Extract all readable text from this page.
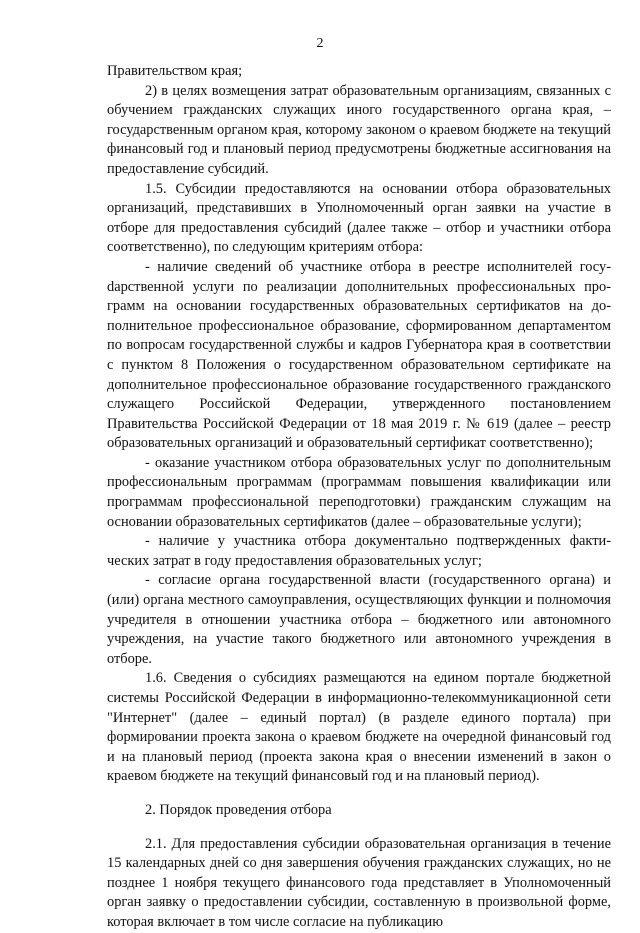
2

Правительством края;

2) в целях возмещения затрат образовательным организациям, связанных с обучением гражданских служащих иного государственного органа края, – государственным органом края, которому законом о краевом бюджете на текущий финансовый год и плановый период предусмотрены бюджетные ассигнования на предоставление субсидий.

1.5. Субсидии предоставляются на основании отбора образовательных организаций, представивших в Уполномоченный орган заявки на участие в отборе для предоставления субсидий (далее также – отбор и участники отбора соответственно), по следующим критериям отбора:

- наличие сведений об участнике отбора в реестре исполнителей госуdарственной услуги по реализации дополнительных профессиональных программ на основании государственных образовательных сертификатов на дополнительное профессиональное образование, сформированном департаментом по вопросам государственной службы и кадров Губернатора края в соответствии с пунктом 8 Положения о государственном образовательном сертификате на дополнительное профессиональное образование государственного гражданского служащего Российской Федерации, утвержденного постановлением Правительства Российской Федерации от 18 мая 2019 г. № 619 (далее – реестр образовательных организаций и образовательный сертификат соответственно);

- оказание участником отбора образовательных услуг по дополнительным профессиональным программам (программам повышения квалификации или программам профессиональной переподготовки) гражданским служащим на основании образовательных сертификатов (далее – образовательные услуги);

- наличие у участника отбора документально подтвержденных фактических затрат в году предоставления образовательных услуг;

- согласие органа государственной власти (государственного органа) и (или) органа местного самоуправления, осуществляющих функции и полномочия учредителя в отношении участника отбора – бюджетного или автономного учреждения, на участие такого бюджетного или автономного учреждения в отборе.

1.6. Сведения о субсидиях размещаются на едином портале бюджетной системы Российской Федерации в информационно-телекоммуникационной сети "Интернет" (далее – единый портал) (в разделе единого портала) при формировании проекта закона о краевом бюджете на очередной финансовый год и на плановый период (проекта закона края о внесении изменений в закон о краевом бюджете на текущий финансовый год и на плановый период).

2. Порядок проведения отбора

2.1. Для предоставления субсидии образовательная организация в течение 15 календарных дней со дня завершения обучения гражданских служащих, но не позднее 1 ноября текущего финансового года представляет в Уполномоченный орган заявку о предоставлении субсидии, составленную в произвольной форме, которая включает в том числе согласие на публикацию
